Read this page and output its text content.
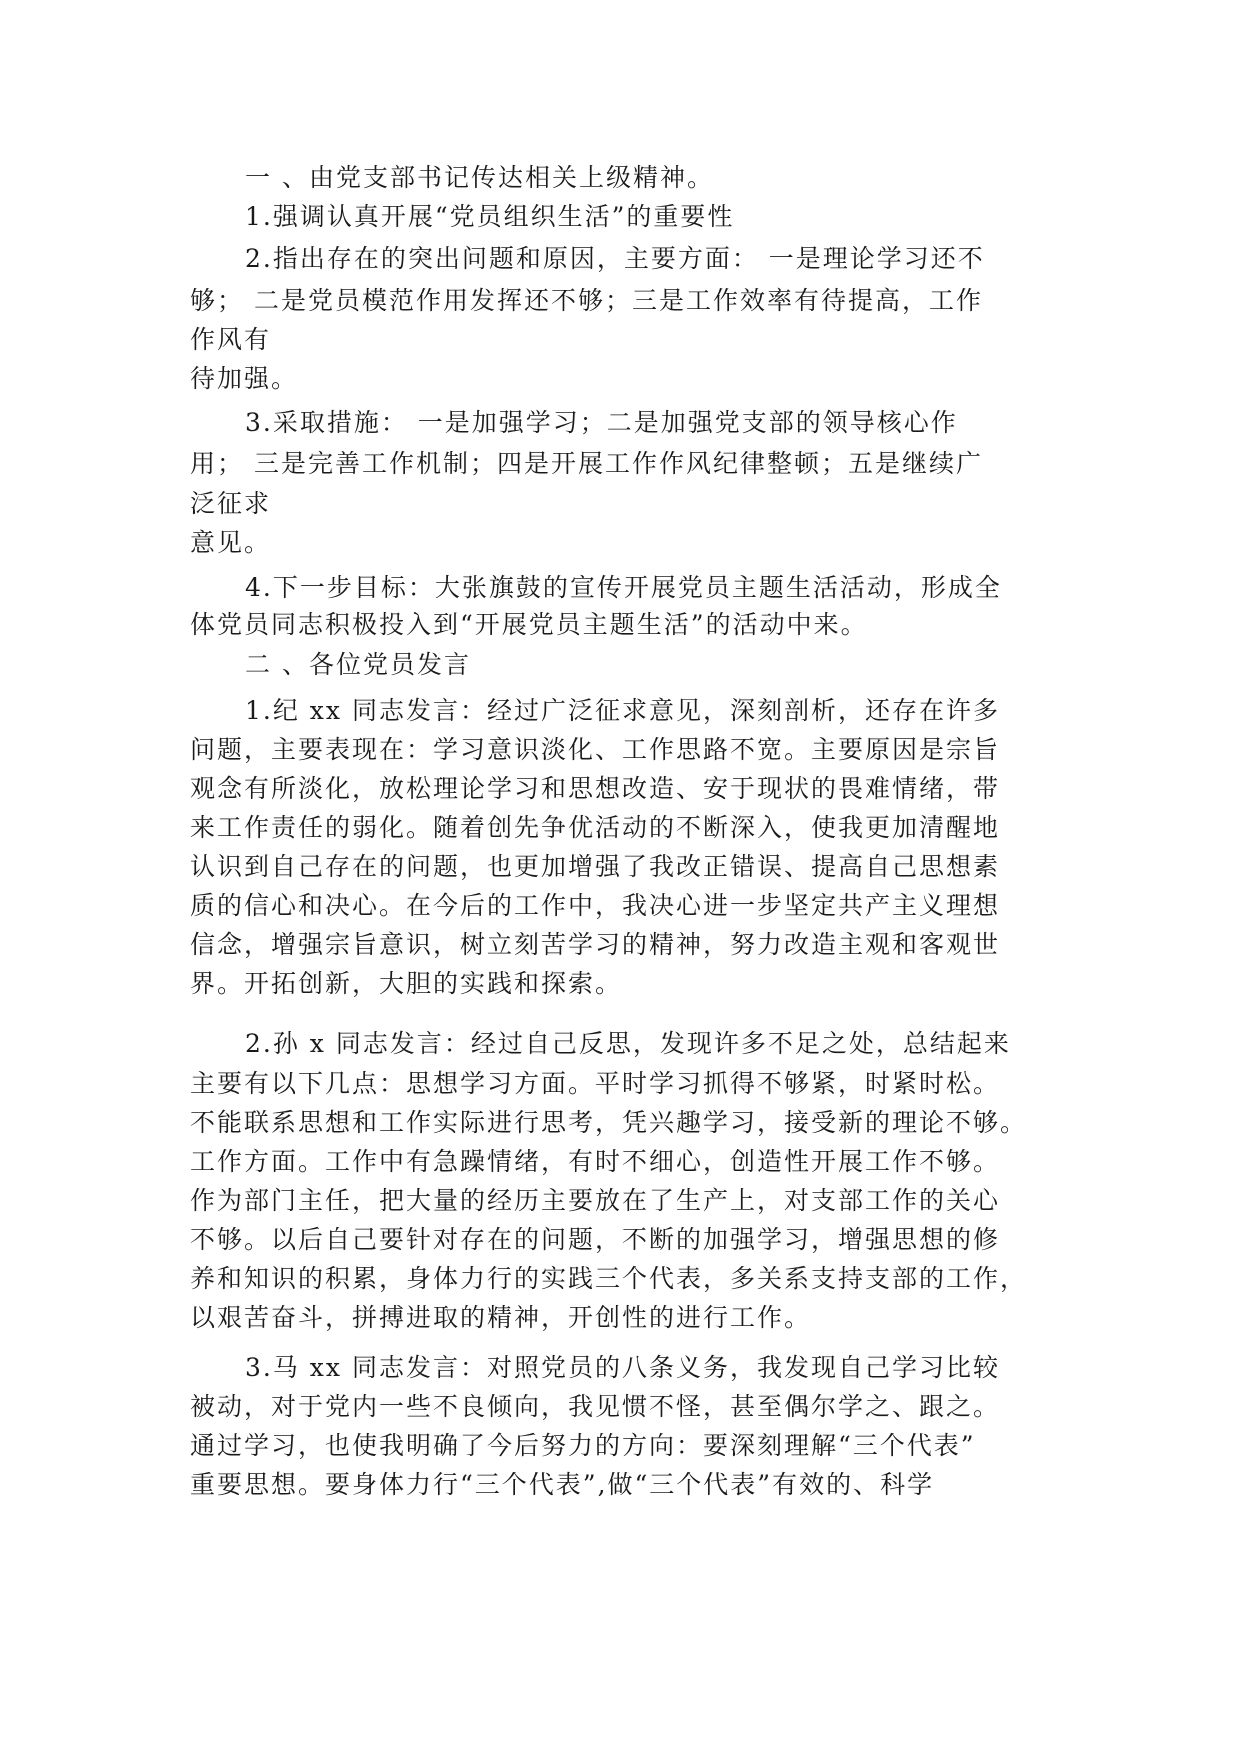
一 、由党支部书记传达相关上级精神。
1.强调认真开展“党员组织生活”的重要性
2.指出存在的突出问题和原因，主要方面： 一是理论学习还不
够； 二是党员模范作用发挥还不够；三是工作效率有待提高，工作
作风有
待加强。
3.采取措施： 一是加强学习；二是加强党支部的领导核心作
用； 三是完善工作机制；四是开展工作作风纪律整顿；五是继续广
泛征求
意见。
4.下一步目标：大张旗鼓的宣传开展党员主题生活活动，形成全
体党员同志积极投入到“开展党员主题生活”的活动中来。
二 、各位党员发言
1.纪 xx 同志发言：经过广泛征求意见，深刻剖析，还存在许多
问题，主要表现在：学习意识淡化、工作思路不宽。主要原因是宗旨
观念有所淡化，放松理论学习和思想改造、安于现状的畏难情绪，带
来工作责任的弱化。随着创先争优活动的不断深入，使我更加清醒地
认识到自己存在的问题，也更加增强了我改正错误、提高自己思想素
质的信心和决心。在今后的工作中，我决心进一步坚定共产主义理想
信念，增强宗旨意识，树立刻苦学习的精神，努力改造主观和客观世
界。开拓创新，大胆的实践和探索。
2.孙 x 同志发言：经过自己反思，发现许多不足之处，总结起来
主要有以下几点：思想学习方面。平时学习抓得不够紧，时紧时松。
不能联系思想和工作实际进行思考，凭兴趣学习，接受新的理论不够。
工作方面。工作中有急躁情绪，有时不细心，创造性开展工作不够。
作为部门主任，把大量的经历主要放在了生产上，对支部工作的关心
不够。以后自己要针对存在的问题，不断的加强学习，增强思想的修
养和知识的积累，身体力行的实践三个代表，多关系支持支部的工作，
以艰苦奋斗，拼搏进取的精神，开创性的进行工作。
3.马 xx 同志发言：对照党员的八条义务，我发现自己学习比较
被动，对于党内一些不良倾向，我见惯不怪，甚至偶尔学之、跟之。
通过学习，也使我明确了今后努力的方向：要深刻理解“三个代表”
重要思想。要身体力行“三个代表”,做“三个代表”有效的、科学
